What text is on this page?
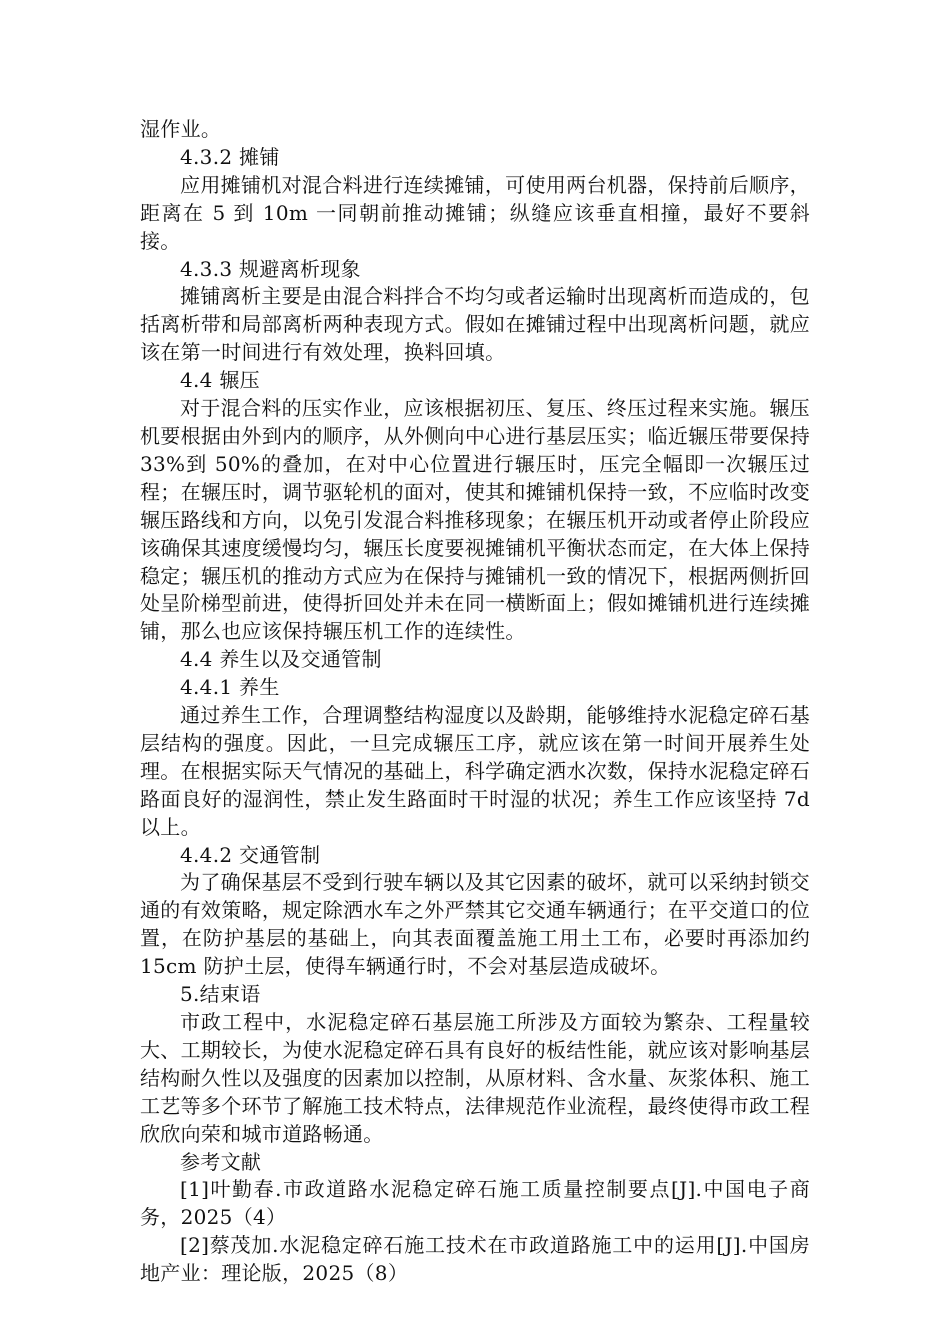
湿作业。

4.3.2 摊铺

应用摊铺机对混合料进行连续摊铺，可使用两台机器，保持前后顺序，距离在 5 到 10m 一同朝前推动摊铺；纵缝应该垂直相撞，最好不要斜接。

4.3.3 规避离析现象

摊铺离析主要是由混合料拌合不均匀或者运输时出现离析而造成的，包括离析带和局部离析两种表现方式。假如在摊铺过程中出现离析问题，就应该在第一时间进行有效处理，换料回填。

4.4 辗压

对于混合料的压实作业，应该根据初压、复压、终压过程来实施。辗压机要根据由外到内的顺序，从外侧向中心进行基层压实；临近辗压带要保持 33%到 50%的叠加，在对中心位置进行辗压时，压完全幅即一次辗压过程；在辗压时，调节驱轮机的面对，使其和摊铺机保持一致，不应临时改变辗压路线和方向，以免引发混合料推移现象；在辗压机开动或者停止阶段应该确保其速度缓慢均匀，辗压长度要视摊铺机平衡状态而定，在大体上保持稳定；辗压机的推动方式应为在保持与摊铺机一致的情况下，根据两侧折回处呈阶梯型前进，使得折回处并未在同一横断面上；假如摊铺机进行连续摊铺，那么也应该保持辗压机工作的连续性。

4.4 养生以及交通管制

4.4.1 养生

通过养生工作，合理调整结构湿度以及龄期，能够维持水泥稳定碎石基层结构的强度。因此，一旦完成辗压工序，就应该在第一时间开展养生处理。在根据实际天气情况的基础上，科学确定洒水次数，保持水泥稳定碎石路面良好的湿润性，禁止发生路面时干时湿的状况；养生工作应该坚持 7d 以上。

4.4.2 交通管制

为了确保基层不受到行驶车辆以及其它因素的破坏，就可以采纳封锁交通的有效策略，规定除洒水车之外严禁其它交通车辆通行；在平交道口的位置，在防护基层的基础上，向其表面覆盖施工用土工布，必要时再添加约 15cm 防护土层，使得车辆通行时，不会对基层造成破坏。

5.结束语

市政工程中，水泥稳定碎石基层施工所涉及方面较为繁杂、工程量较大、工期较长，为使水泥稳定碎石具有良好的板结性能，就应该对影响基层结构耐久性以及强度的因素加以控制，从原材料、含水量、灰浆体积、施工工艺等多个环节了解施工技术特点，法律规范作业流程，最终使得市政工程欣欣向荣和城市道路畅通。

参考文献

[1]叶勤春.市政道路水泥稳定碎石施工质量控制要点[J].中国电子商务，2025（4）

[2]蔡茂加.水泥稳定碎石施工技术在市政道路施工中的运用[J].中国房地产业：理论版，2025（8）
